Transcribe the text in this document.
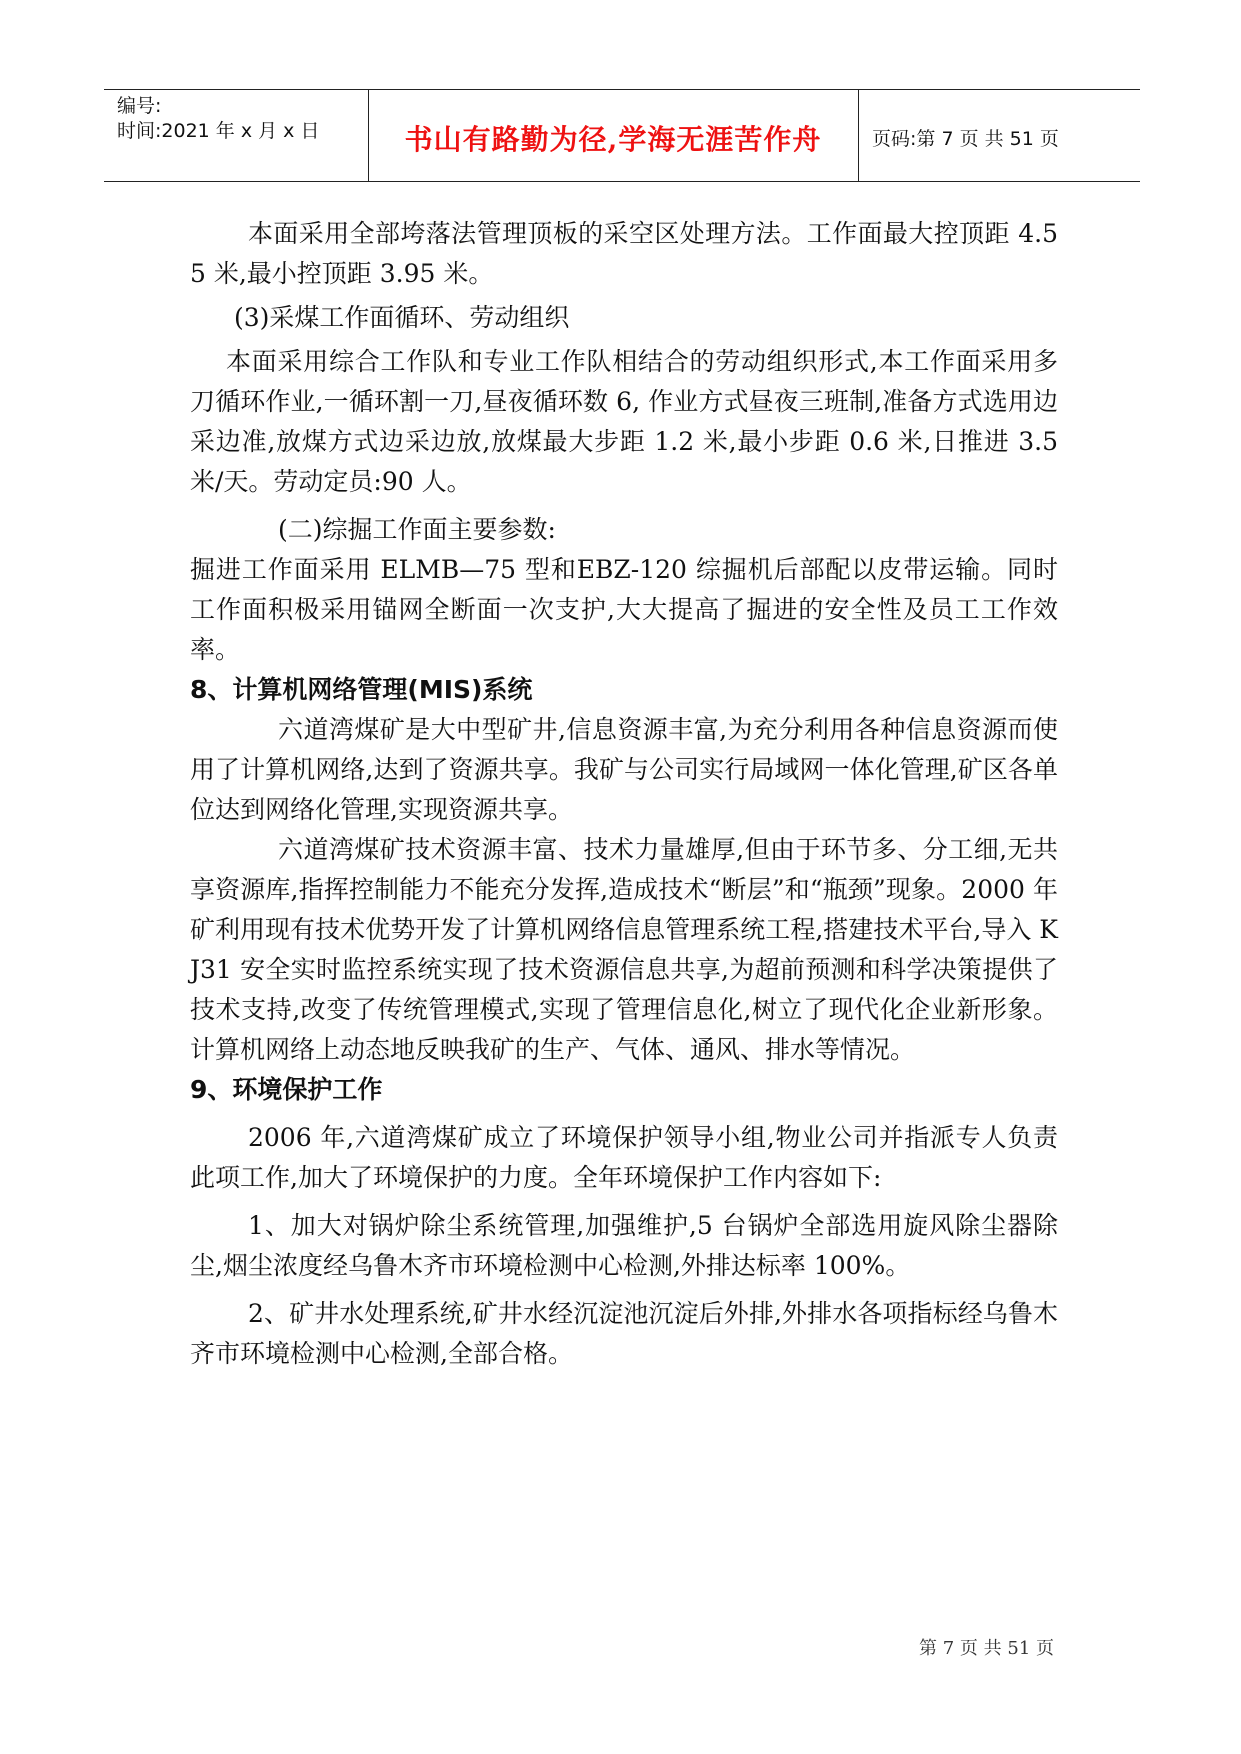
编号:
时间:2021 年 x 月 x 日	书山有路勤为径,学海无涯苦作舟	页码:第 7 页 共 51 页

本面采用全部垮落法管理顶板的采空区处理方法。工作面最大控顶距 4.55 米,最小控顶距 3.95 米。

(3)采煤工作面循环、劳动组织

本面采用综合工作队和专业工作队相结合的劳动组织形式,本工作面采用多刀循环作业,一循环割一刀,昼夜循环数 6, 作业方式昼夜三班制,准备方式选用边采边准,放煤方式边采边放,放煤最大步距 1.2 米,最小步距 0.6 米,日推进 3.5 米/天。劳动定员:90 人。

(二)综掘工作面主要参数:

掘进工作面采用 ELMB—75 型和EBZ-120 综掘机后部配以皮带运输。同时工作面积极采用锚网全断面一次支护,大大提高了掘进的安全性及员工工作效率。

8、计算机网络管理(MIS)系统

六道湾煤矿是大中型矿井,信息资源丰富,为充分利用各种信息资源而使用了计算机网络,达到了资源共享。我矿与公司实行局域网一体化管理,矿区各单位达到网络化管理,实现资源共享。

六道湾煤矿技术资源丰富、技术力量雄厚,但由于环节多、分工细,无共享资源库,指挥控制能力不能充分发挥,造成技术“断层”和“瓶颈”现象。2000 年矿利用现有技术优势开发了计算机网络信息管理系统工程,搭建技术平台,导入 KJ31 安全实时监控系统实现了技术资源信息共享,为超前预测和科学决策提供了技术支持,改变了传统管理模式,实现了管理信息化,树立了现代化企业新形象。计算机网络上动态地反映我矿的生产、气体、通风、排水等情况。

9、环境保护工作

2006 年,六道湾煤矿成立了环境保护领导小组,物业公司并指派专人负责此项工作,加大了环境保护的力度。全年环境保护工作内容如下:

1、加大对锅炉除尘系统管理,加强维护,5 台锅炉全部选用旋风除尘器除尘,烟尘浓度经乌鲁木齐市环境检测中心检测,外排达标率 100%。

2、矿井水处理系统,矿井水经沉淀池沉淀后外排,外排水各项指标经乌鲁木齐市环境检测中心检测,全部合格。

第 7 页 共 51 页
